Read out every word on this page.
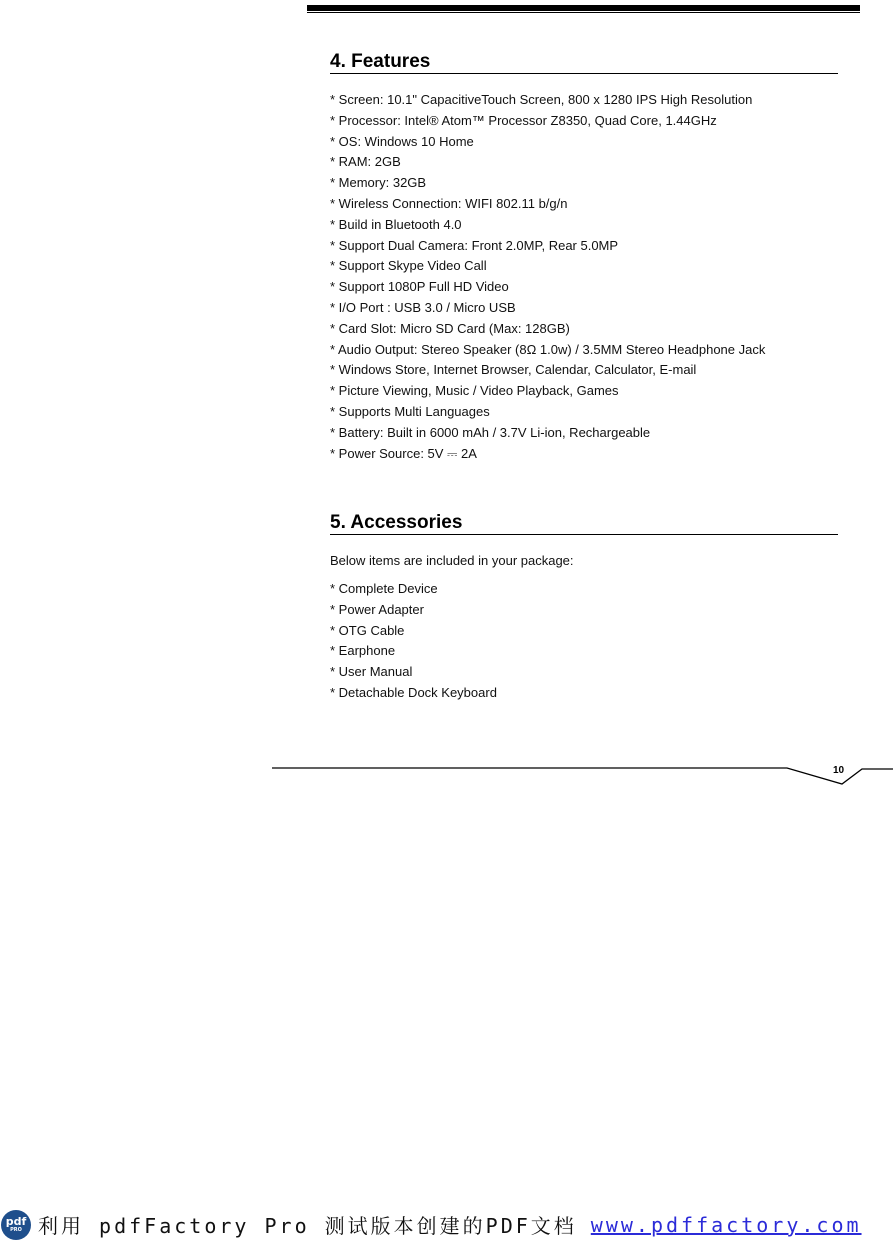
4. Features
* Screen: 10.1" CapacitiveTouch Screen, 800 x 1280 IPS High Resolution
* Processor: Intel® Atom™ Processor Z8350, Quad Core, 1.44GHz
* OS: Windows 10 Home
* RAM: 2GB
* Memory: 32GB
* Wireless Connection: WIFI 802.11 b/g/n
* Build in Bluetooth 4.0
* Support Dual Camera: Front 2.0MP, Rear 5.0MP
* Support Skype Video Call
* Support 1080P Full HD Video
* I/O Port : USB 3.0 / Micro USB
* Card Slot: Micro SD Card (Max: 128GB)
* Audio Output: Stereo Speaker (8Ω 1.0w) / 3.5MM Stereo Headphone Jack
* Windows Store, Internet Browser, Calendar, Calculator, E-mail
* Picture Viewing, Music / Video Playback, Games
* Supports Multi Languages
* Battery: Built in 6000 mAh / 3.7V Li-ion, Rechargeable
* Power Source: 5V ⎓ 2A
5. Accessories

Below items are included in your package:

* Complete Device
* Power Adapter
* OTG Cable
* Earphone
* User Manual
* Detachable Dock Keyboard
10
pdf
PRO 利用 pdfFactory Pro 测试版本创建的PDF文档 www.pdffactory.com
